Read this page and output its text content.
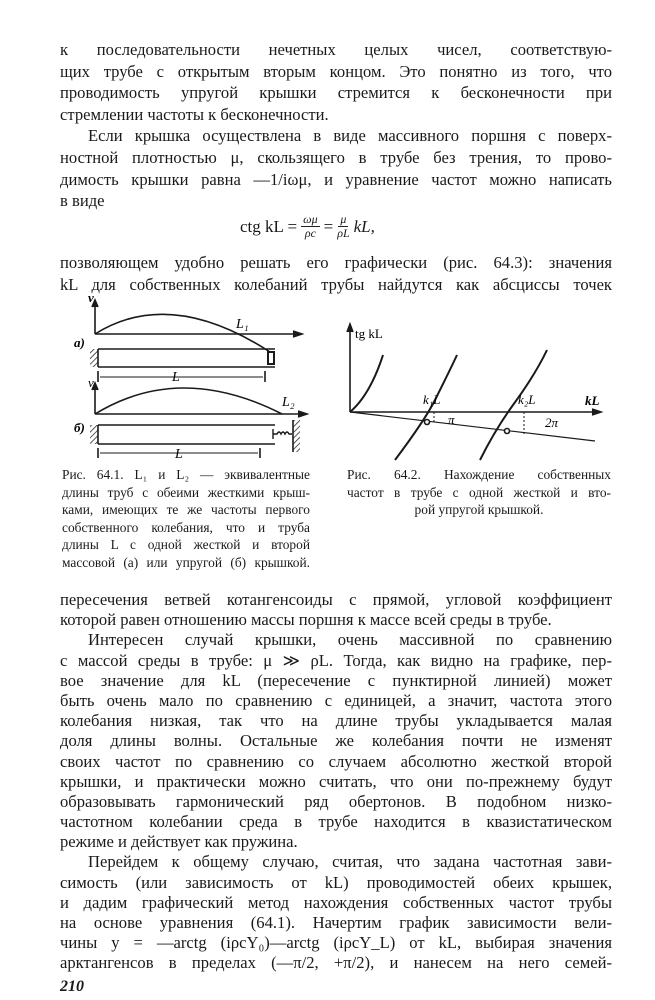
к последовательности нечетных целых чисел, соответствую-
щих трубе с открытым вторым концом. Это понятно из того, что
проводимость упругой крышки стремится к бесконечности при
стремлении частоты к бесконечности.
Если крышка осуществлена в виде массивного поршня с поверх-
ностной плотностью μ, скользящего в трубе без трения, то прово-
димость крышки равна —1/iωμ, и уравнение частот можно написать
в виде
ctg kL = $\frac{\omega\mu}{\rho c} = \frac{\mu}{\rho L}$ kL,
позволяющем удобно решать его графически (рис. 64.3): значения
kL для собственных колебаний трубы найдутся как абсциссы точек
v
а)
L₁
L
v
б)
L₂
L
tg kL
kL
k₁L	k₂L
π	2π
Рис. 64.1. L₁ и L₂ — эквивалентные
длины труб с обеими жесткими крыш-
ками, имеющих те же частоты первого
собственного колебания, что и труба
длины L с одной жесткой и второй
массовой (а) или упругой (б) крышкой.
Рис. 64.2. Нахождение собственных
частот в трубе с одной жесткой и вто-
рой упругой крышкой.
пересечения ветвей котангенсоиды с прямой, угловой коэффициент
которой равен отношению массы поршня к массе всей среды в трубе.
Интересен случай крышки, очень массивной по сравнению
с массой среды в трубе: μ ≫ ρL. Тогда, как видно на графике, пер-
вое значение для kL (пересечение с пунктирной линией) может
быть очень мало по сравнению с единицей, а значит, частота этого
колебания низкая, так что на длине трубы укладывается малая
доля длины волны. Остальные же колебания почти не изменят
своих частот по сравнению со случаем абсолютно жесткой второй
крышки, и практически можно считать, что они по-прежнему будут
образовывать гармонический ряд обертонов. В подобном низко-
частотном колебании среда в трубе находится в квазистатическом
режиме и действует как пружина.
Перейдем к общему случаю, считая, что задана частотная зави-
симость (или зависимость от kL) проводимостей обеих крышек,
и дадим графический метод нахождения собственных частот трубы
на основе уравнения (64.1). Начертим график зависимости вели-
чины y = —arctg (iρcY₀)—arctg (iρcY_L) от kL, выбирая значения
арктангенсов в пределах (—π/2, +π/2), и нанесем на него семей-
210
